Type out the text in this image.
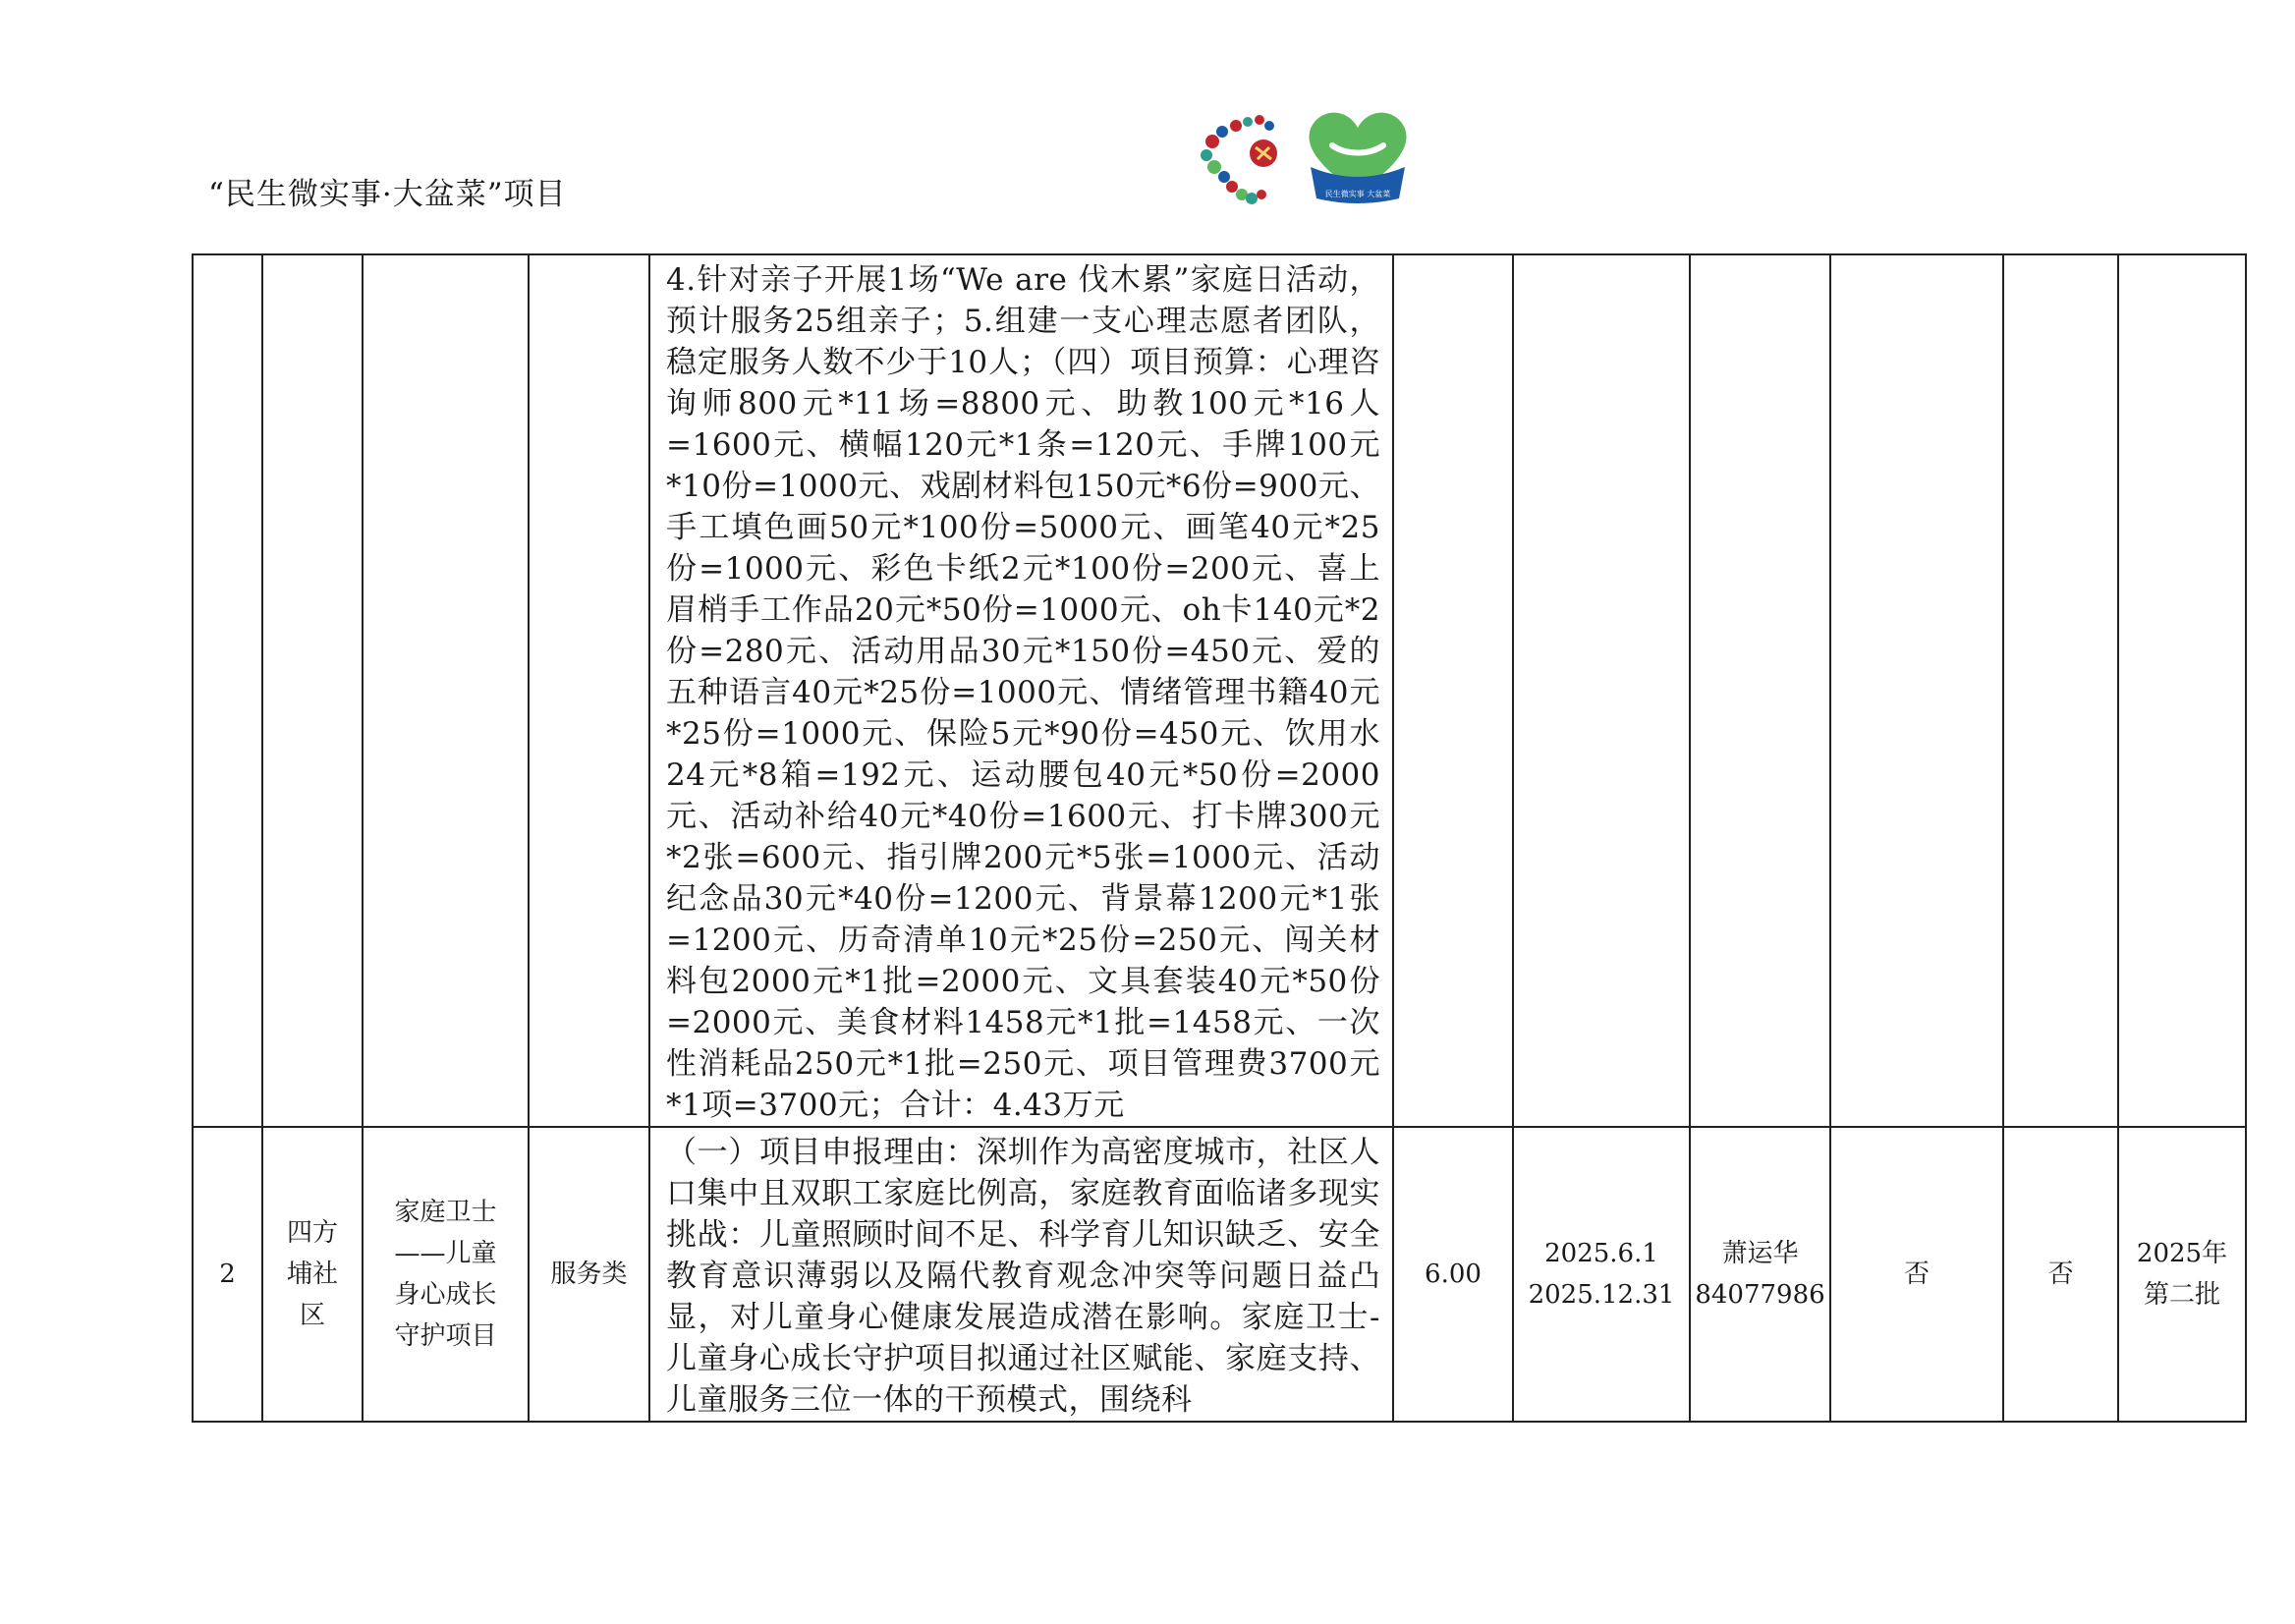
“民生微实事·大盆菜”项目	民生微实事 大盆菜

				4.针对亲子开展1场“We are 伐木累”家庭日活动，预计服务25组亲子；5.组建一支心理志愿者团队，稳定服务人数不少于10人；（四）项目预算：心理咨询师800元*11场=8800元、助教100元*16人=1600元、横幅120元*1条=120元、手牌100元*10份=1000元、戏剧材料包150元*6份=900元、手工填色画50元*100份=5000元、画笔40元*25份=1000元、彩色卡纸2元*100份=200元、喜上眉梢手工作品20元*50份=1000元、oh卡140元*2份=280元、活动用品30元*150份=450元、爱的五种语言40元*25份=1000元、情绪管理书籍40元*25份=1000元、保险5元*90份=450元、饮用水24元*8箱=192元、运动腰包40元*50份=2000元、活动补给40元*40份=1600元、打卡牌300元*2张=600元、指引牌200元*5张=1000元、活动纪念品30元*40份=1200元、背景幕1200元*1张=1200元、历奇清单10元*25份=250元、闯关材料包2000元*1批=2000元、文具套装40元*50份=2000元、美食材料1458元*1批=1458元、一次性消耗品250元*1批=250元、项目管理费3700元*1项=3700元；合计：4.43万元						

2	四方
埔社
区	家庭卫士
——儿童
身心成长
守护项目	服务类	（一）项目申报理由：深圳作为高密度城市，社区人口集中且双职工家庭比例高，家庭教育面临诸多现实挑战：儿童照顾时间不足、科学育儿知识缺乏、安全教育意识薄弱以及隔代教育观念冲突等问题日益凸显，对儿童身心健康发展造成潜在影响。家庭卫士-儿童身心成长守护项目拟通过社区赋能、家庭支持、儿童服务三位一体的干预模式，围绕科	6.00	2025.6.1
2025.12.31	萧运华
84077986	否	否	2025年
第二批
